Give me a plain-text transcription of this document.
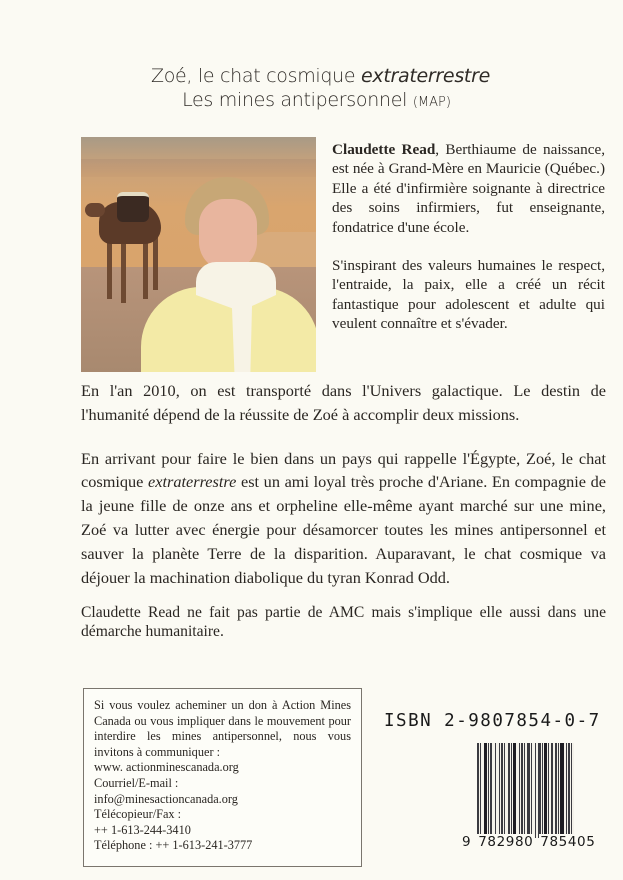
Zoé, le chat cosmique extraterrestre
Les mines antipersonnel (MAP)

Claudette Read, Berthiaume de naissance, est née à Grand-Mère en Mauricie (Québec.) Elle a été d'infirmière soignante à directrice des soins infirmiers, fut enseignante, fondatrice d'une école.

S'inspirant des valeurs humaines le respect, l'entraide, la paix, elle a créé un récit fantastique pour adolescent et adulte qui veulent connaître et s'évader.

En l'an 2010, on est transporté dans l'Univers galactique. Le destin de l'humanité dépend de la réussite de Zoé à accomplir deux missions.

En arrivant pour faire le bien dans un pays qui rappelle l'Égypte, Zoé, le chat cosmique extraterrestre est un ami loyal très proche d'Ariane. En compagnie de la jeune fille de onze ans et orpheline elle-même ayant marché sur une mine, Zoé va lutter avec énergie pour désamorcer toutes les mines antipersonnel et sauver la planète Terre de la disparition. Auparavant, le chat cosmique va déjouer la machination diabolique du tyran Konrad Odd.

Claudette Read ne fait pas partie de AMC mais s'implique elle aussi dans une démarche humanitaire.

Si vous voulez acheminer un don à Action Mines Canada ou vous impliquer dans le mouvement pour interdire les mines antipersonnel, nous vous invitons à communiquer :

www. actionminescanada.org
Courriel/E-mail :
info@minesactioncanada.org
Télécopieur/Fax :
++ 1-613-244-3410
Téléphone : ++ 1-613-241-3777
ISBN 2-9807854-0-7
9 782980 785405
